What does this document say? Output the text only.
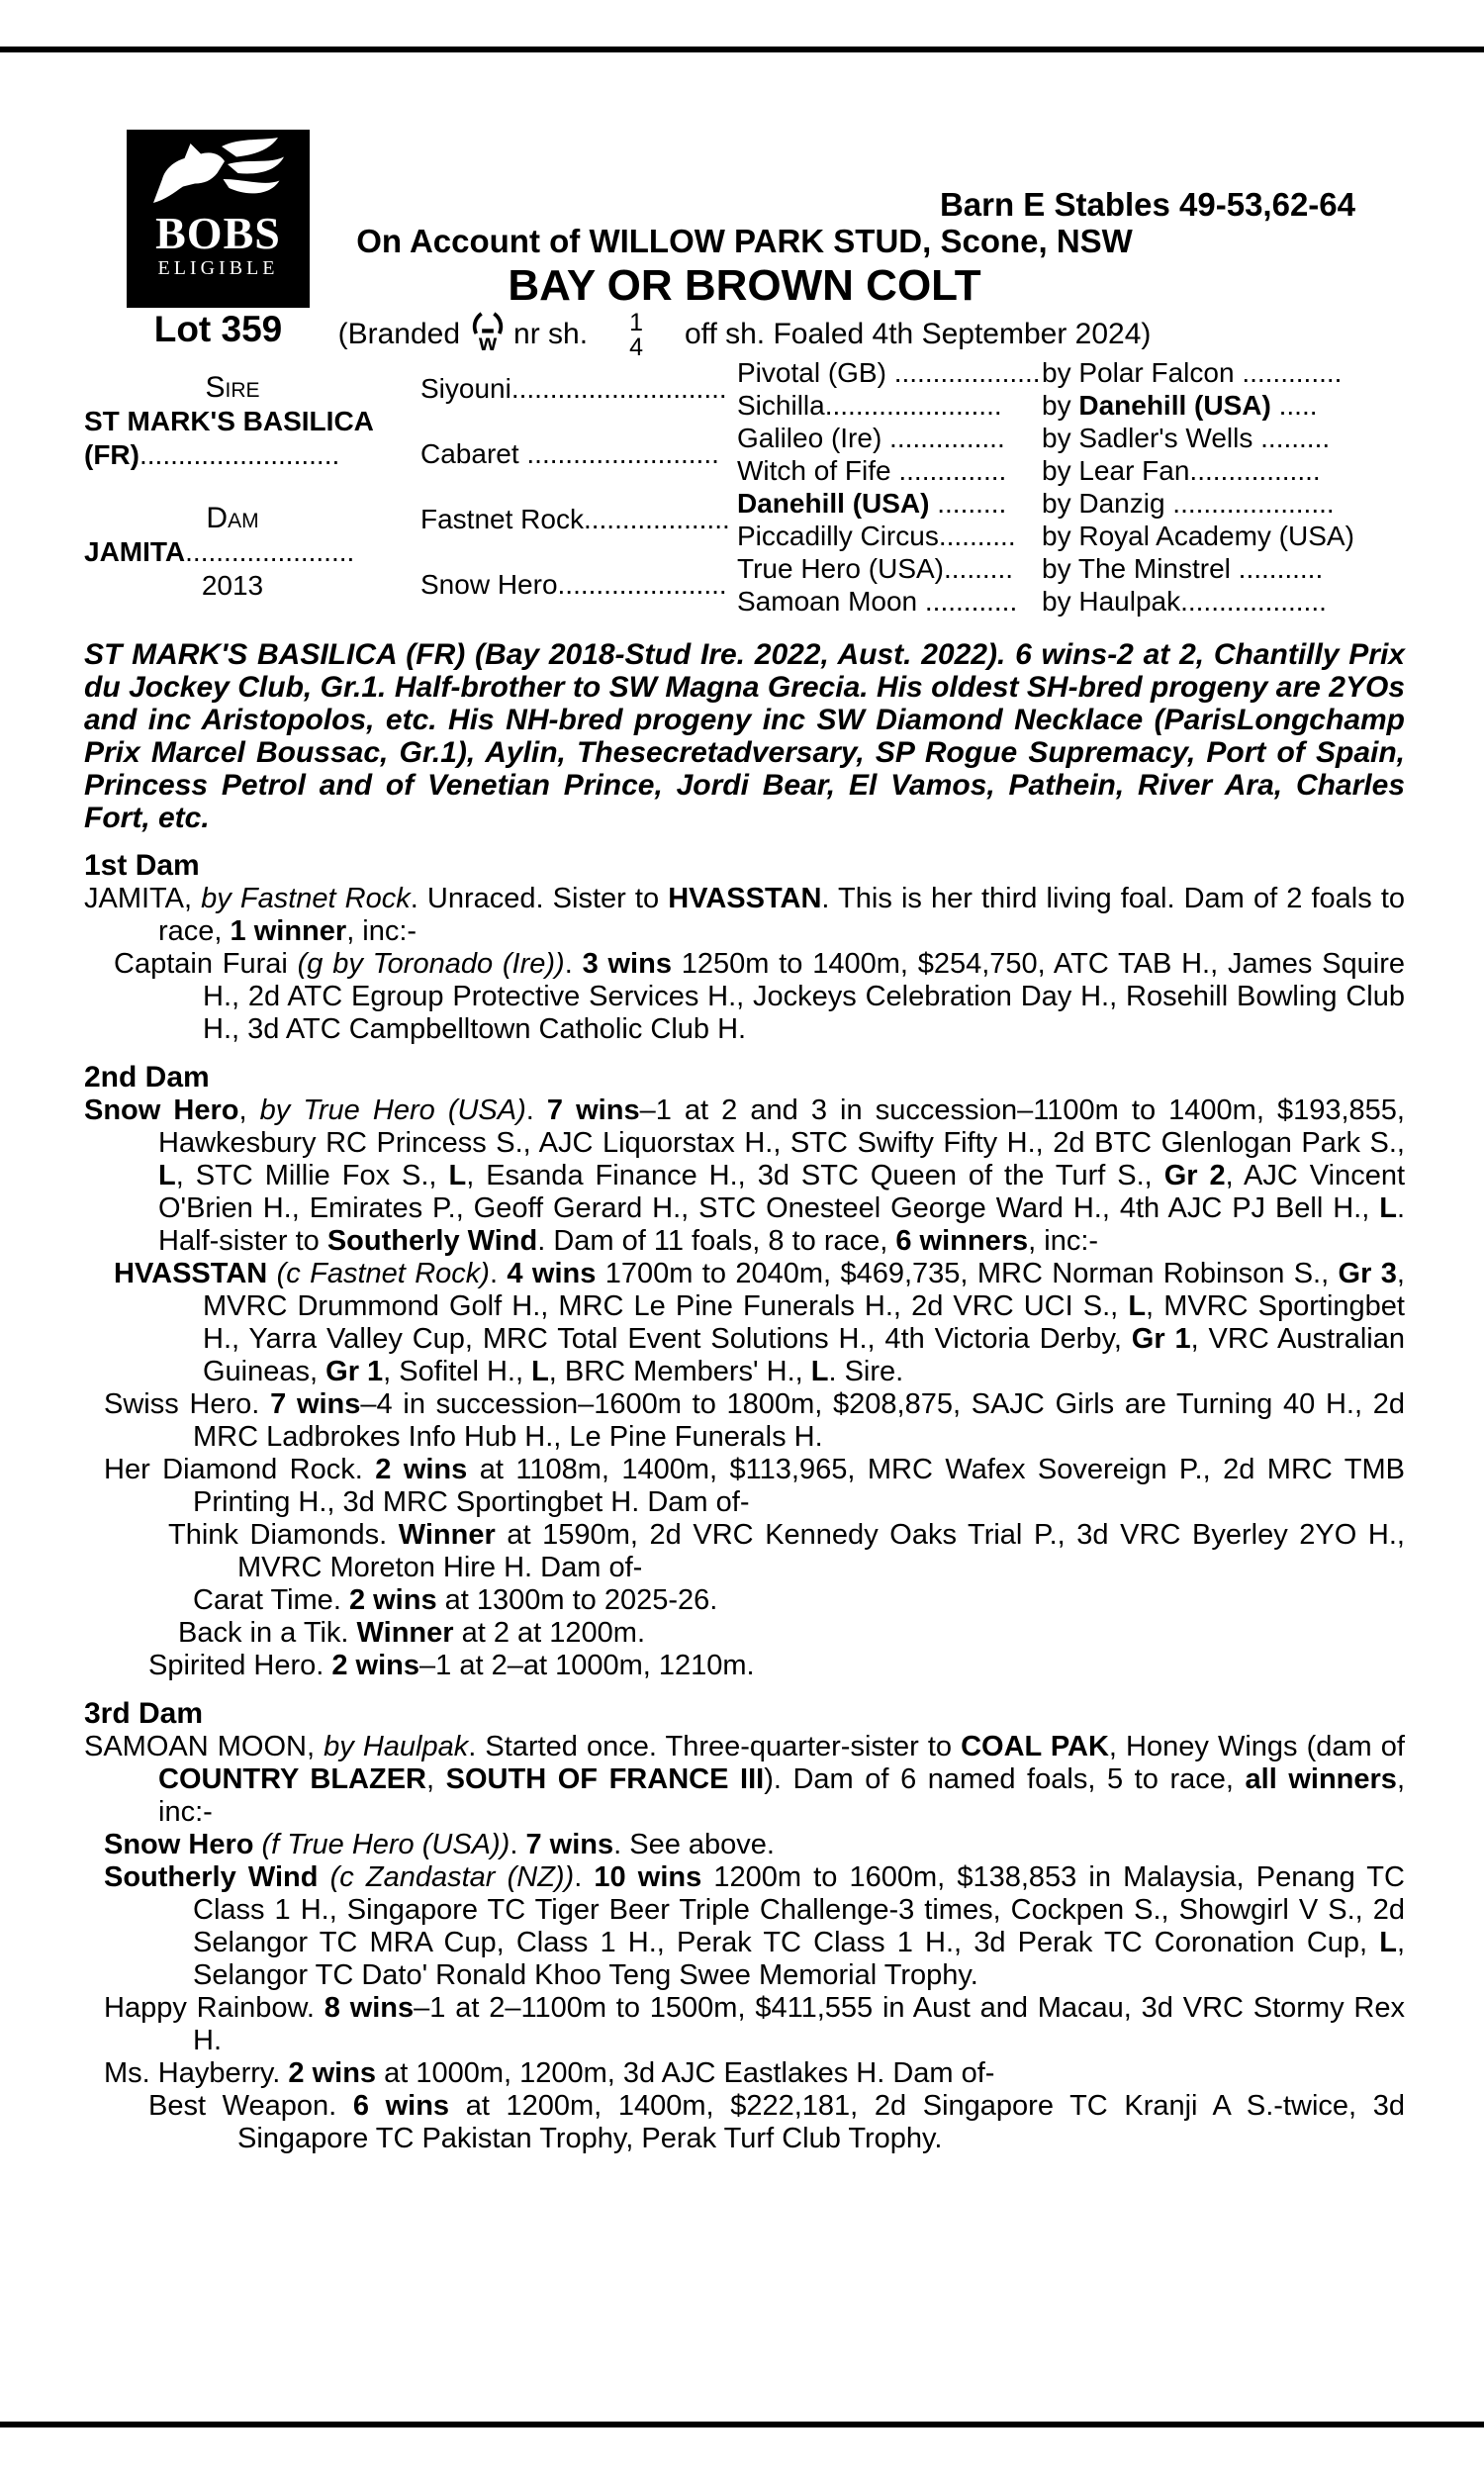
BOBS
ELIGIBLE
Lot 359
Barn E Stables 49-53,62-64
On Account of WILLOW PARK STUD, Scone, NSW
BAY OR BROWN COLT
(Branded w nr sh. 1
4 off sh. Foaled 4th September 2024)
Sire
ST MARK'S BASILICA
(FR)..........................
Dam
JAMITA......................
2013
Siyouni............................
Cabaret .........................
Fastnet Rock...................
Snow Hero......................
Pivotal (GB) ................... by Polar Falcon .............
Sichilla.......................	by Danehill (USA) .....
Galileo (Ire) ...............	by Sadler's Wells .........
Witch of Fife ..............	by Lear Fan.................
Danehill (USA) .........	by Danzig .....................
Piccadilly Circus.......... by Royal Academy (USA)
True Hero (USA).........	by The Minstrel ...........
Samoan Moon ............ by Haulpak...................

ST MARK'S BASILICA (FR) (Bay 2018-Stud Ire. 2022, Aust. 2022). 6 wins-2 at 2, Chantilly Prix du Jockey Club, Gr.1. Half-brother to SW Magna Grecia. His oldest SH-bred progeny are 2YOs and inc Aristopolos, etc. His NH-bred progeny inc SW Diamond Necklace (ParisLongchamp Prix Marcel Boussac, Gr.1), Aylin, Thesecretadversary, SP Rogue Supremacy, Port of Spain, Princess Petrol and of Venetian Prince, Jordi Bear, El Vamos, Pathein, River Ara, Charles Fort, etc.

1st Dam

JAMITA, by Fastnet Rock. Unraced. Sister to HVASSTAN. This is her third living foal. Dam of 2 foals to race, 1 winner, inc:-

Captain Furai (g by Toronado (Ire)). 3 wins 1250m to 1400m, $254,750, ATC TAB H., James Squire H., 2d ATC Egroup Protective Services H., Jockeys Celebration Day H., Rosehill Bowling Club H., 3d ATC Campbelltown Catholic Club H.

2nd Dam

Snow Hero, by True Hero (USA). 7 wins–1 at 2 and 3 in succession–1100m to 1400m, $193,855, Hawkesbury RC Princess S., AJC Liquorstax H., STC Swifty Fifty H., 2d BTC Glenlogan Park S., L, STC Millie Fox S., L, Esanda Finance H., 3d STC Queen of the Turf S., Gr 2, AJC Vincent O'Brien H., Emirates P., Geoff Gerard H., STC Onesteel George Ward H., 4th AJC PJ Bell H., L. Half-sister to Southerly Wind. Dam of 11 foals, 8 to race, 6 winners, inc:-

HVASSTAN (c Fastnet Rock). 4 wins 1700m to 2040m, $469,735, MRC Norman Robinson S., Gr 3, MVRC Drummond Golf H., MRC Le Pine Funerals H., 2d VRC UCI S., L, MVRC Sportingbet H., Yarra Valley Cup, MRC Total Event Solutions H., 4th Victoria Derby, Gr 1, VRC Australian Guineas, Gr 1, Sofitel H., L, BRC Members' H., L. Sire.

Swiss Hero. 7 wins–4 in succession–1600m to 1800m, $208,875, SAJC Girls are Turning 40 H., 2d MRC Ladbrokes Info Hub H., Le Pine Funerals H.

Her Diamond Rock. 2 wins at 1108m, 1400m, $113,965, MRC Wafex Sovereign P., 2d MRC TMB Printing H., 3d MRC Sportingbet H. Dam of-

Think Diamonds. Winner at 1590m, 2d VRC Kennedy Oaks Trial P., 3d VRC Byerley 2YO H., MVRC Moreton Hire H. Dam of-

Carat Time. 2 wins at 1300m to 2025-26.

Back in a Tik. Winner at 2 at 1200m.

Spirited Hero. 2 wins–1 at 2–at 1000m, 1210m.

3rd Dam

SAMOAN MOON, by Haulpak. Started once. Three-quarter-sister to COAL PAK, Honey Wings (dam of COUNTRY BLAZER, SOUTH OF FRANCE III). Dam of 6 named foals, 5 to race, all winners, inc:-

Snow Hero (f True Hero (USA)). 7 wins. See above.

Southerly Wind (c Zandastar (NZ)). 10 wins 1200m to 1600m, $138,853 in Malaysia, Penang TC Class 1 H., Singapore TC Tiger Beer Triple Challenge-3 times, Cockpen S., Showgirl V S., 2d Selangor TC MRA Cup, Class 1 H., Perak TC Class 1 H., 3d Perak TC Coronation Cup, L, Selangor TC Dato' Ronald Khoo Teng Swee Memorial Trophy.

Happy Rainbow. 8 wins–1 at 2–1100m to 1500m, $411,555 in Aust and Macau, 3d VRC Stormy Rex H.

Ms. Hayberry. 2 wins at 1000m, 1200m, 3d AJC Eastlakes H. Dam of-

Best Weapon. 6 wins at 1200m, 1400m, $222,181, 2d Singapore TC Kranji A S.-twice, 3d Singapore TC Pakistan Trophy, Perak Turf Club Trophy.
